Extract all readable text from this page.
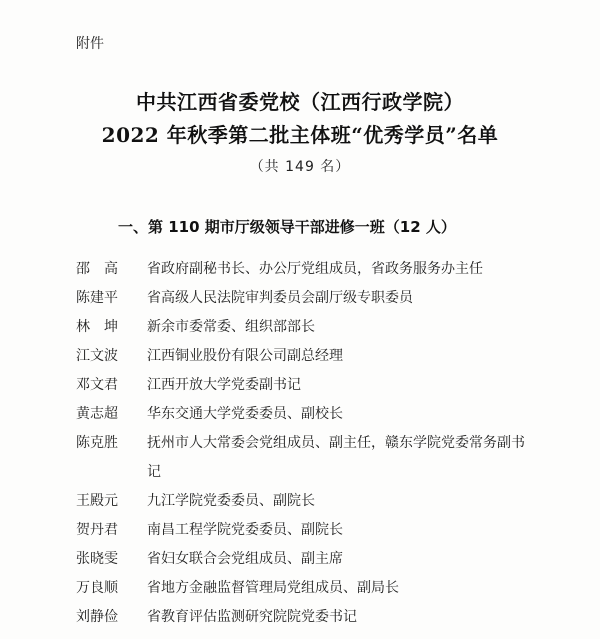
附件
中共江西省委党校（江西行政学院）
2022 年秋季第二批主体班“优秀学员”名单
（共 149 名）
一、第 110 期市厅级领导干部进修一班（12 人）
邵　高	省政府副秘书长、办公厅党组成员，省政务服务办主任
陈建平	省高级人民法院审判委员会副厅级专职委员
林　坤	新余市委常委、组织部部长
江文波	江西铜业股份有限公司副总经理
邓文君	江西开放大学党委副书记
黄志超	华东交通大学党委委员、副校长
陈克胜	抚州市人大常委会党组成员、副主任，赣东学院党委常务副书记
王殿元	九江学院党委委员、副院长
贺丹君	南昌工程学院党委委员、副院长
张晓雯	省妇女联合会党组成员、副主席
万良顺	省地方金融监督管理局党组成员、副局长
刘静俭	省教育评估监测研究院院党委书记
